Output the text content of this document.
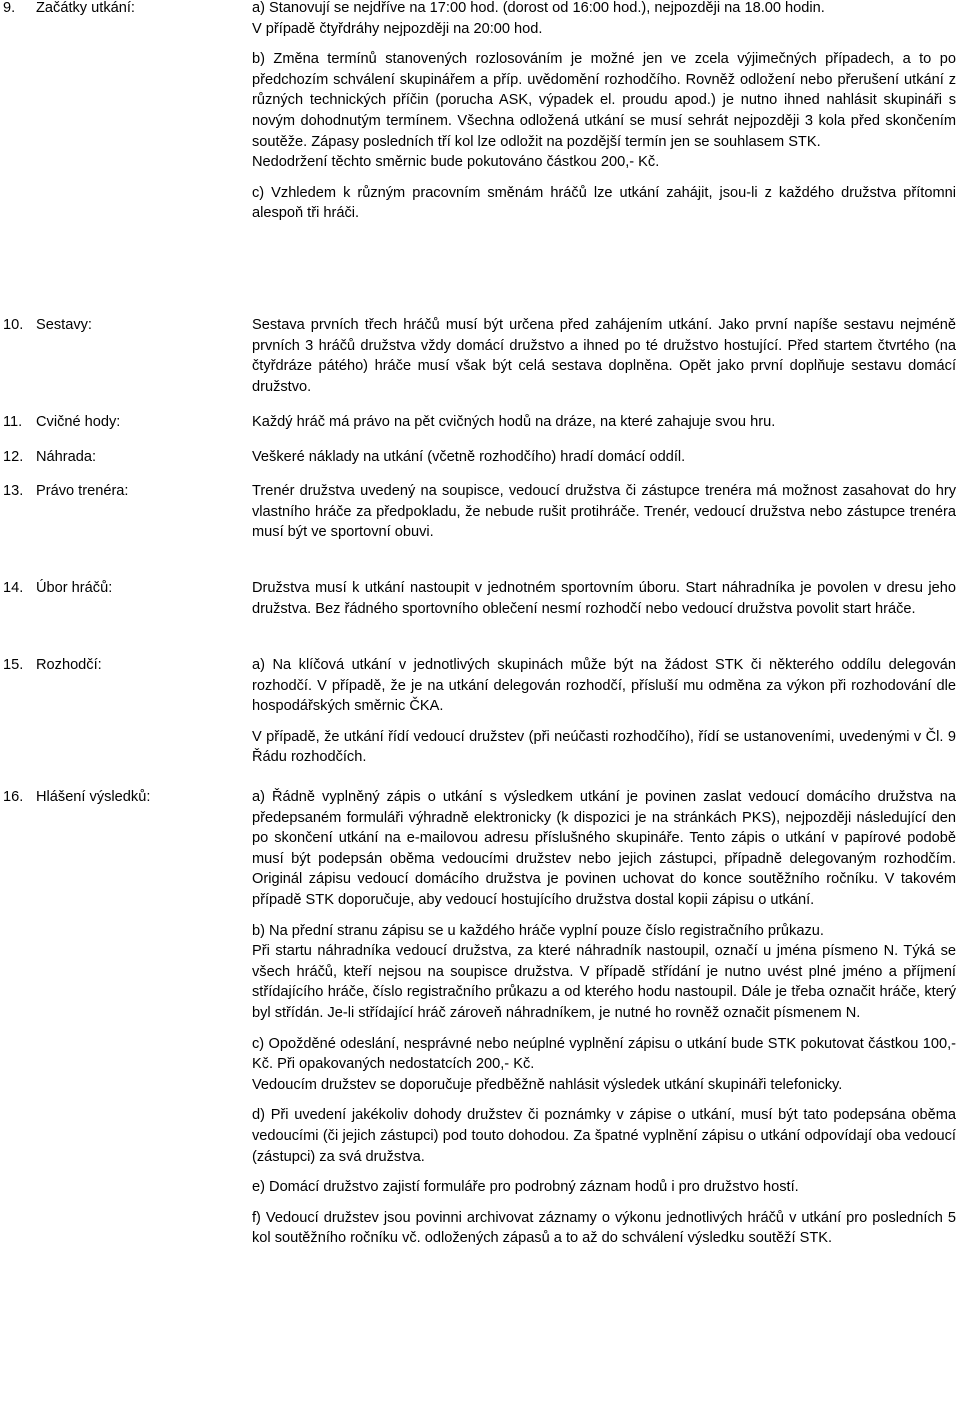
9. Začátky utkání:	a) Stanovují se nejdříve na 17:00 hod. (dorost od 16:00 hod.), nejpozději na 18.00 hodin.
V případě čtyřdráhy nejpozději na 20:00 hod.

b) Změna termínů stanovených rozlosováním je možné jen ve zcela výjimečných případech, a to po předchozím schválení skupinářem a příp. uvědomění rozhodčího. Rovněž odložení nebo přerušení utkání z různých technických příčin (porucha ASK, výpadek el. proudu apod.) je nutno ihned nahlásit skupináři s novým dohodnutým termínem. Všechna odložená utkání se musí sehrát nejpozději 3 kola před skončením soutěže. Zápasy posledních tří kol lze odložit na pozdější termín jen se souhlasem STK.
Nedodržení těchto směrnic bude pokutováno částkou 200,- Kč.

c) Vzhledem k různým pracovním směnám hráčů lze utkání zahájit, jsou-li z každého družstva přítomni alespoň tři hráči.

10. Sestavy:	Sestava prvních třech hráčů musí být určena před zahájením utkání. Jako první napíše sestavu nejméně prvních 3 hráčů družstva vždy domácí družstvo a ihned po té družstvo hostující. Před startem čtvrtého (na čtyřdráze pátého) hráče musí však být celá sestava doplněna. Opět jako první doplňuje sestavu domácí družstvo.

11. Cvičné hody:	Každý hráč má právo na pět cvičných hodů na dráze, na které zahajuje svou hru.

12. Náhrada:	Veškeré náklady na utkání (včetně rozhodčího) hradí domácí oddíl.

13. Právo trenéra:	Trenér družstva uvedený na soupisce, vedoucí družstva či zástupce trenéra má možnost zasahovat do hry vlastního hráče za předpokladu, že nebude rušit protihráče. Trenér, vedoucí družstva nebo zástupce trenéra musí být ve sportovní obuvi.

14. Úbor hráčů:	Družstva musí k utkání nastoupit v jednotném sportovním úboru. Start náhradníka je povolen v dresu jeho družstva. Bez řádného sportovního oblečení nesmí rozhodčí nebo vedoucí družstva povolit start hráče.

15. Rozhodčí:	a) Na klíčová utkání v jednotlivých skupinách může být na žádost STK či některého oddílu delegován rozhodčí. V případě, že je na utkání delegován rozhodčí, přísluší mu odměna za výkon při rozhodování dle hospodářských směrnic ČKA.

V případě, že utkání řídí vedoucí družstev (při neúčasti rozhodčího), řídí se ustanoveními, uvedenými v Čl. 9 Řádu rozhodčích.

16. Hlášení výsledků:	a) Řádně vyplněný zápis o utkání s výsledkem utkání je povinen zaslat vedoucí domácího družstva na předepsaném formuláři výhradně elektronicky (k dispozici je na stránkách PKS), nejpozději následující den po skončení utkání na e-mailovou adresu příslušného skupináře. Tento zápis o utkání v papírové podobě musí být podepsán oběma vedoucími družstev nebo jejich zástupci, případně delegovaným rozhodčím. Originál zápisu vedoucí domácího družstva je povinen uchovat do konce soutěžního ročníku. V takovém případě STK doporučuje, aby vedoucí hostujícího družstva dostal kopii zápisu o utkání.

b) Na přední stranu zápisu se u každého hráče vyplní pouze číslo registračního průkazu.
Při startu náhradníka vedoucí družstva, za které náhradník nastoupil, označí u jména písmeno N. Týká se všech hráčů, kteří nejsou na soupisce družstva. V případě střídání je nutno uvést plné jméno a příjmení střídajícího hráče, číslo registračního průkazu a od kterého hodu nastoupil. Dále je třeba označit hráče, který byl střídán. Je-li střídající hráč zároveň náhradníkem, je nutné ho rovněž označit písmenem N.

c) Opožděné odeslání, nesprávné nebo neúplné vyplnění zápisu o utkání bude STK pokutovat částkou 100,- Kč. Při opakovaných nedostatcích 200,- Kč.
Vedoucím družstev se doporučuje předběžně nahlásit výsledek utkání skupináři telefonicky.

d) Při uvedení jakékoliv dohody družstev či poznámky v zápise o utkání, musí být tato podepsána oběma vedoucími (či jejich zástupci) pod touto dohodou. Za špatné vyplnění zápisu o utkání odpovídají oba vedoucí (zástupci) za svá družstva.

e) Domácí družstvo zajistí formuláře pro podrobný záznam hodů i pro družstvo hostí.

f) Vedoucí družstev jsou povinni archivovat záznamy o výkonu jednotlivých hráčů v utkání pro posledních 5 kol soutěžního ročníku vč. odložených zápasů a to až do schválení výsledku soutěží STK.
